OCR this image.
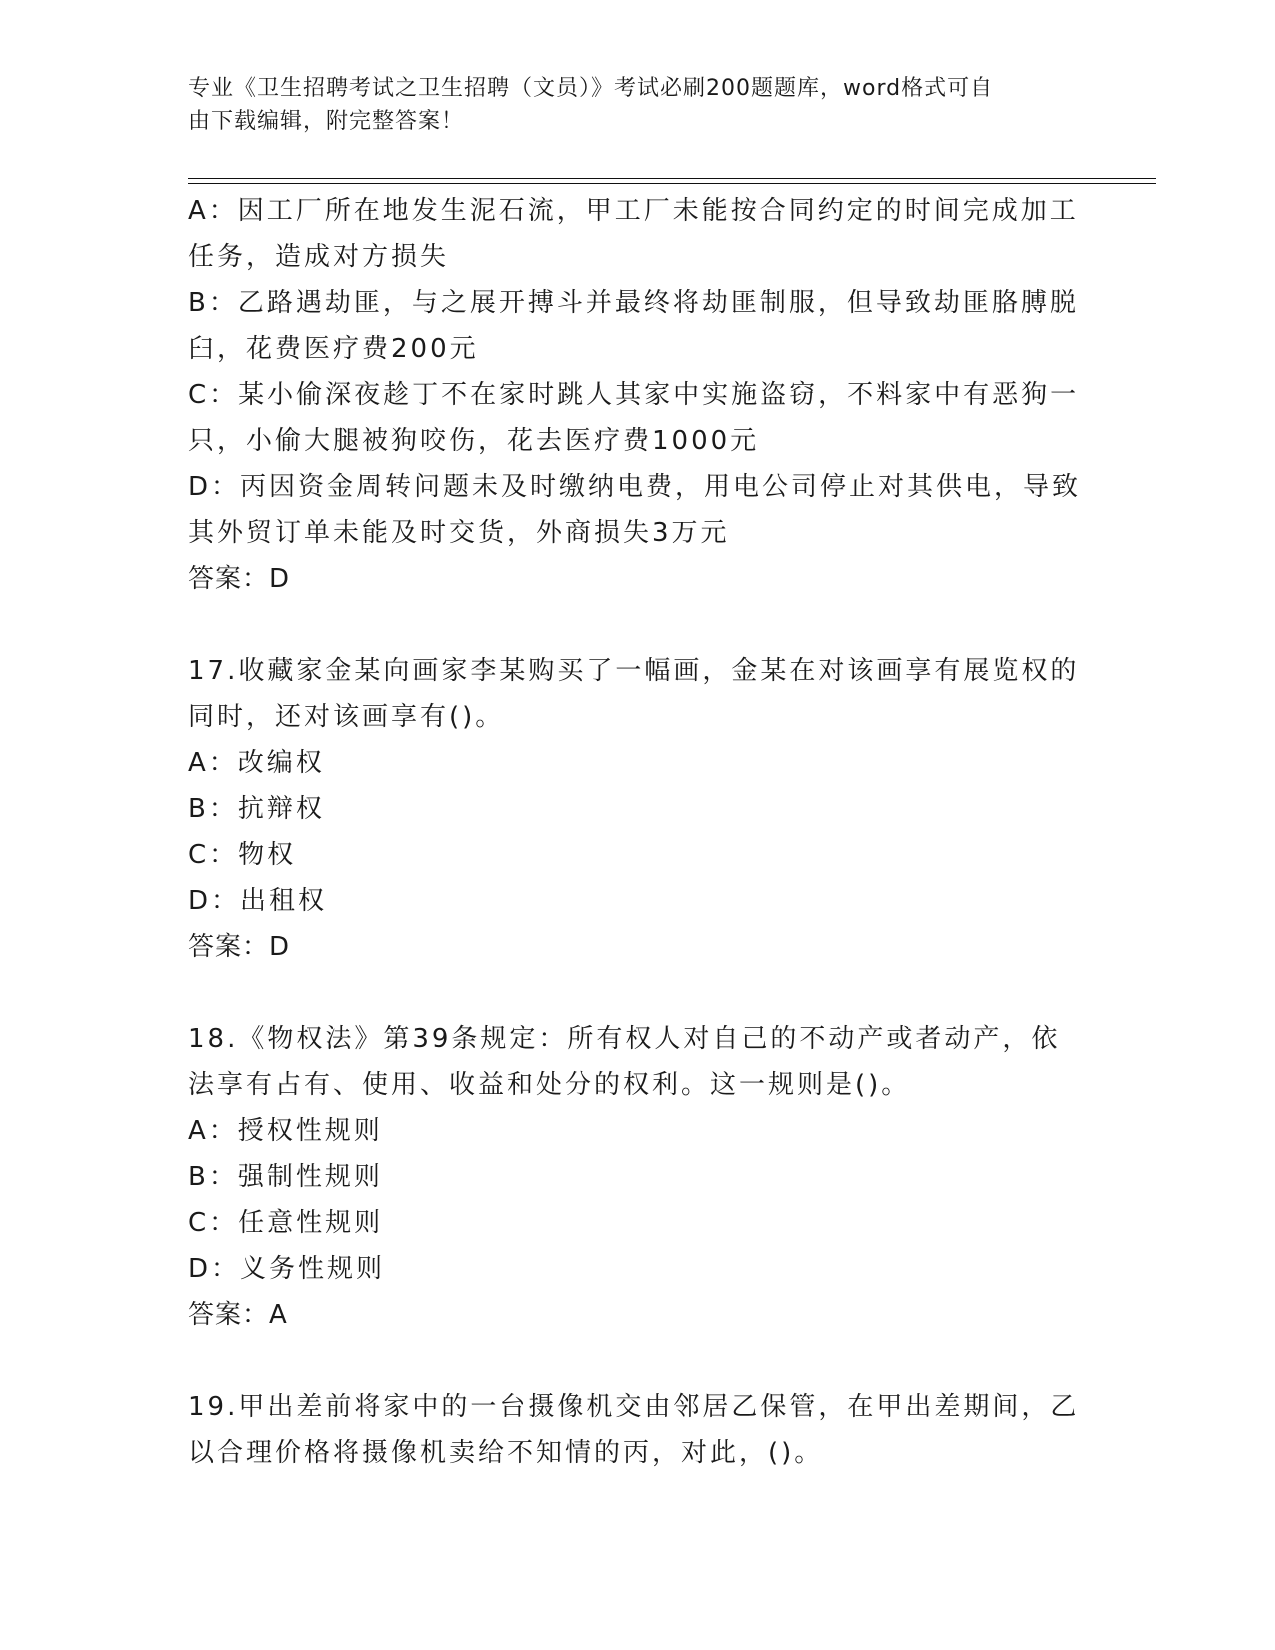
专业《卫生招聘考试之卫生招聘（文员）》考试必刷200题题库，word格式可自
由下载编辑，附完整答案！
A：因工厂所在地发生泥石流，甲工厂未能按合同约定的时间完成加工
任务，造成对方损失
B：乙路遇劫匪，与之展开搏斗并最终将劫匪制服，但导致劫匪胳膊脱
臼，花费医疗费200元
C：某小偷深夜趁丁不在家时跳人其家中实施盗窃，不料家中有恶狗一
只，小偷大腿被狗咬伤，花去医疗费1000元
D：丙因资金周转问题未及时缴纳电费，用电公司停止对其供电，导致
其外贸订单未能及时交货，外商损失3万元
答案：D
17.收藏家金某向画家李某购买了一幅画，金某在对该画享有展览权的
同时，还对该画享有()。
A：改编权
B：抗辩权
C：物权
D：出租权
答案：D
18.《物权法》第39条规定：所有权人对自己的不动产或者动产，依
法享有占有、使用、收益和处分的权利。这一规则是()。
A：授权性规则
B：强制性规则
C：任意性规则
D：义务性规则
答案：A
19.甲出差前将家中的一台摄像机交由邻居乙保管，在甲出差期间，乙
以合理价格将摄像机卖给不知情的丙，对此，()。
